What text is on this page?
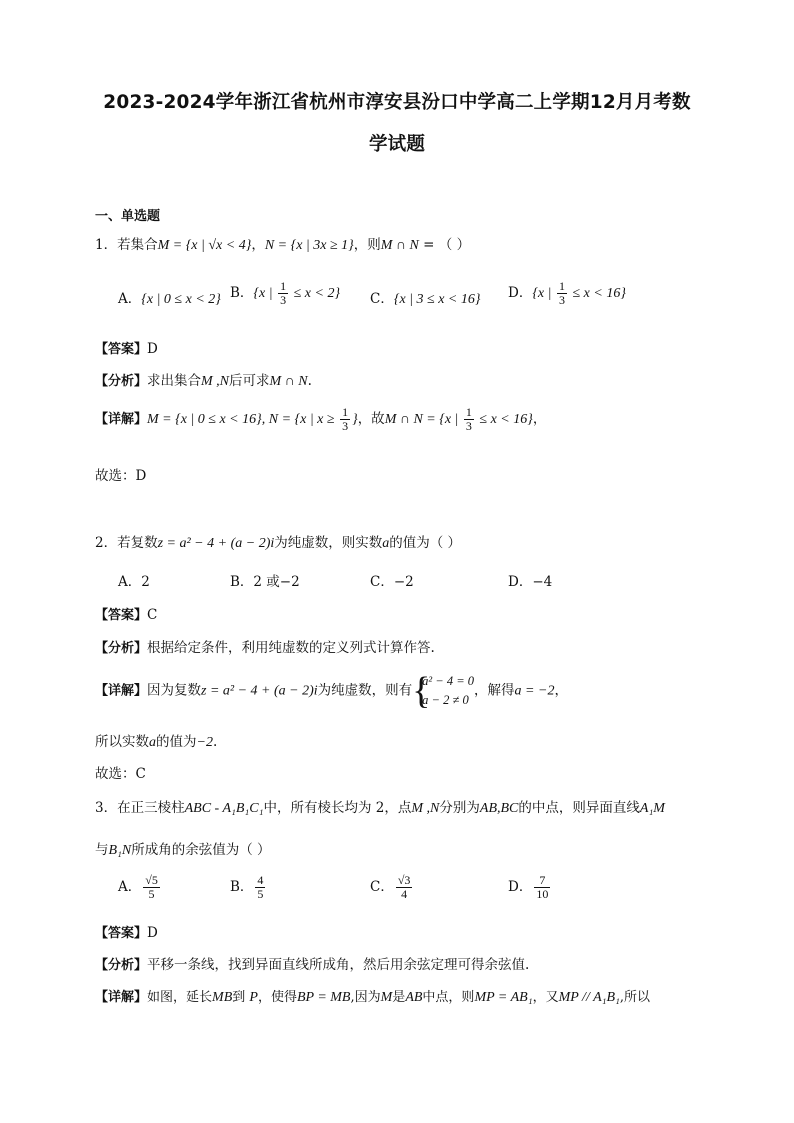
2023-2024学年浙江省杭州市淳安县汾口中学高二上学期12月月考数
学试题
一、单选题
1．若集合M = {x | √x < 4}，N = {x | 3x ≥ 1}，则M ∩ N = （ ）
A．{x | 0 ≤ x < 2} B．{x | $\frac{1}{3} \le x < 2$} C．{x | 3 ≤ x < 16} D．{x | $\frac{1}{3} \le x < 16$}
【答案】D
【分析】求出集合M ,N后可求M ∩ N.
【详解】M = {x | 0 ≤ x < 16}, N = {x | $x \ge \frac{1}{3}$ }，故M ∩ N = {x | $\frac{1}{3} \le x < 16$}，
故选：D
2．若复数z = a² − 4 + (a − 2)i为纯虚数，则实数a的值为（ ）
A．2	B．2 或−2	C．−2	D．−4
【答案】C
【分析】根据给定条件，利用纯虚数的定义列式计算作答.
【详解】因为复数z = a² − 4 + (a − 2)i为纯虚数，则有 {
a² − 4 = 0
a − 2 ≠ 0
，解得a = −2，
所以实数a的值为−2.
故选：C
3．在正三棱柱ABC - A₁B₁C₁中，所有棱长均为 2，点M ,N分别为AB,BC的中点，则异面直线A₁M
与B₁N所成角的余弦值为（ ）
A． $\frac{√5}{5}$	B． $\frac{4}{5}$	C． $\frac{√3}{4}$	D． $\frac{7}{10}$
【答案】D
【分析】平移一条线，找到异面直线所成角，然后用余弦定理可得余弦值.
【详解】如图，延长MB到 P，使得BP = MB,因为M是AB中点，则MP = AB₁，又MP // A₁B₁,所以
